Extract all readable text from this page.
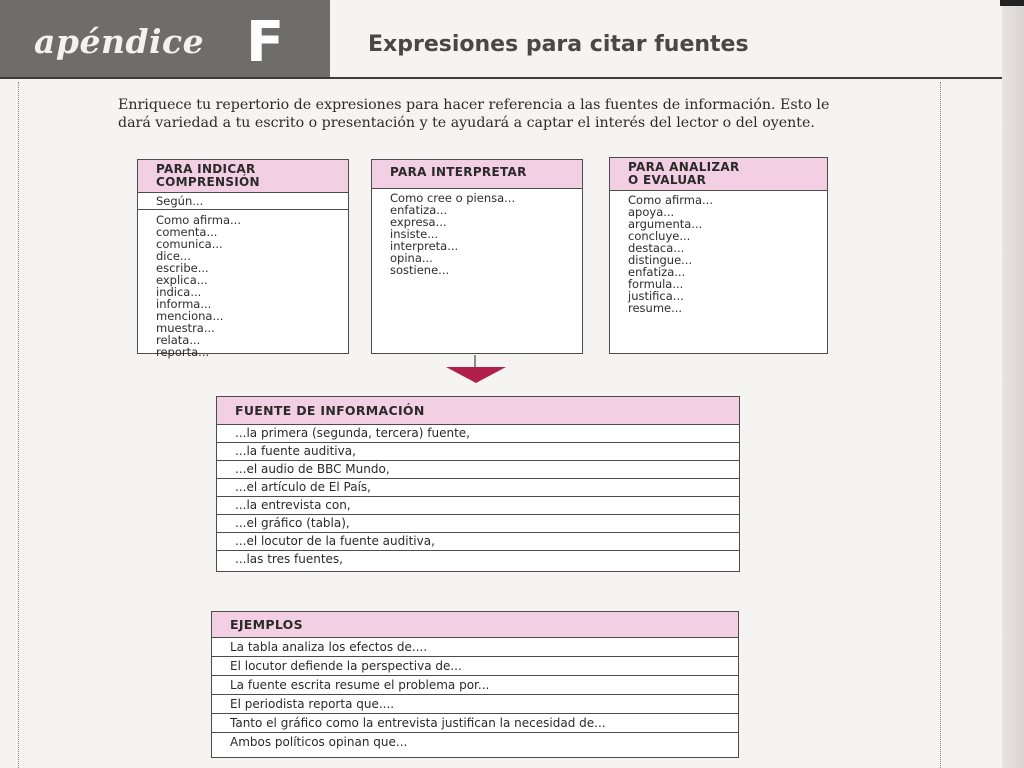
apéndice F	Expresiones para citar fuentes

Enriquece tu repertorio de expresiones para hacer referencia a las fuentes de información. Esto le dará variedad a tu escrito o presentación y te ayudará a captar el interés del lector o del oyente.

PARA INDICAR
COMPRENSIÓN
Según...
Como afirma...
comenta...
comunica...
dice...
escribe...
explica...
indica...
informa...
menciona...
muestra...
relata...
reporta...
PARA INTERPRETAR
Como cree o piensa...
enfatiza...
expresa...
insiste...
interpreta...
opina...
sostiene...
PARA ANALIZAR
O EVALUAR
Como afirma...
apoya...
argumenta...
concluye...
destaca...
distingue...
enfatiza...
formula...
justifica...
resume...
FUENTE DE INFORMACIÓN
...la primera (segunda, tercera) fuente,
...la fuente auditiva,
...el audio de BBC Mundo,
...el artículo de El País,
...la entrevista con,
...el gráfico (tabla),
...el locutor de la fuente auditiva,
...las tres fuentes,
EJEMPLOS
La tabla analiza los efectos de....
El locutor defiende la perspectiva de...
La fuente escrita resume el problema por...
El periodista reporta que....
Tanto el gráfico como la entrevista justifican la necesidad de...
Ambos políticos opinan que...
